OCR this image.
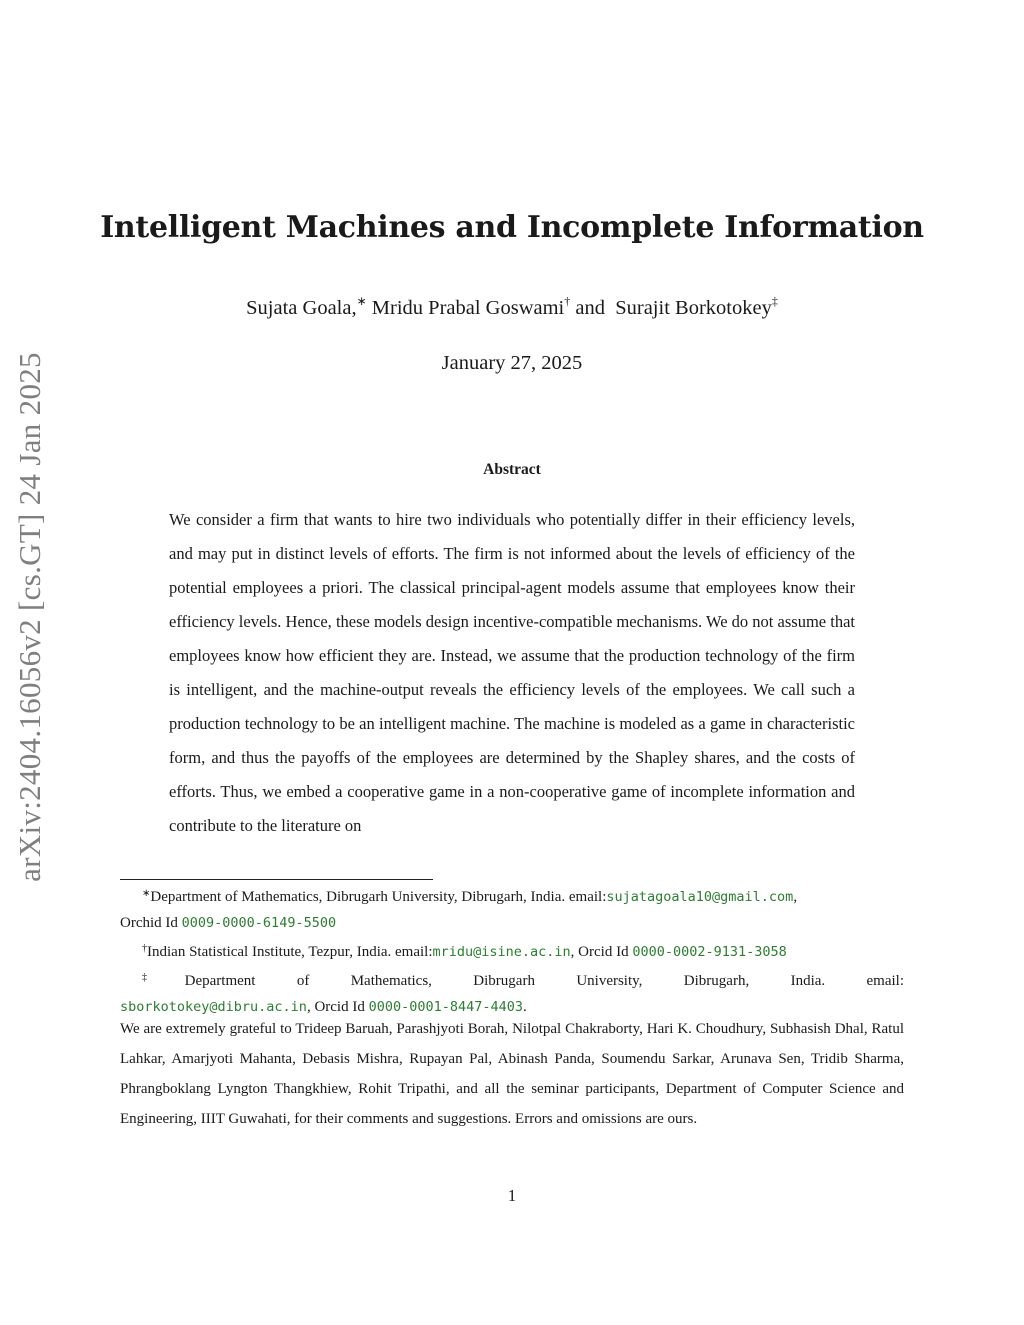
arXiv:2404.16056v2 [cs.GT] 24 Jan 2025
Intelligent Machines and Incomplete Information
Sujata Goala,∗ Mridu Prabal Goswami† and Surajit Borkotokey‡
January 27, 2025
Abstract

We consider a firm that wants to hire two individuals who potentially differ in their efficiency levels, and may put in distinct levels of efforts. The firm is not informed about the levels of efficiency of the potential employees a priori. The classical principal-agent models assume that employees know their efficiency levels. Hence, these models design incentive-compatible mechanisms. We do not assume that employees know how efficient they are. Instead, we assume that the production technology of the firm is intelligent, and the machine-output reveals the efficiency levels of the employees. We call such a production technology to be an intelligent machine. The machine is modeled as a game in characteristic form, and thus the payoffs of the employees are determined by the Shapley shares, and the costs of efforts. Thus, we embed a cooperative game in a non-cooperative game of incomplete information and contribute to the literature on

∗Department of Mathematics, Dibrugarh University, Dibrugarh, India. email:sujatagoala10@gmail.com,

Orchid Id 0009-0000-6149-5500

†Indian Statistical Institute, Tezpur, India. email:mridu@isine.ac.in, Orcid Id 0000-0002-9131-3058

‡Department of Mathematics, Dibrugarh University, Dibrugarh, India. email:

sborkotokey@dibru.ac.in, Orcid Id 0000-0001-8447-4403.

We are extremely grateful to Trideep Baruah, Parashjyoti Borah, Nilotpal Chakraborty, Hari K. Choudhury, Subhasish Dhal, Ratul Lahkar, Amarjyoti Mahanta, Debasis Mishra, Rupayan Pal, Abinash Panda, Soumendu Sarkar, Arunava Sen, Tridib Sharma, Phrangboklang Lyngton Thangkhiew, Rohit Tripathi, and all the seminar participants, Department of Computer Science and Engineering, IIIT Guwahati, for their comments and suggestions. Errors and omissions are ours.

1
